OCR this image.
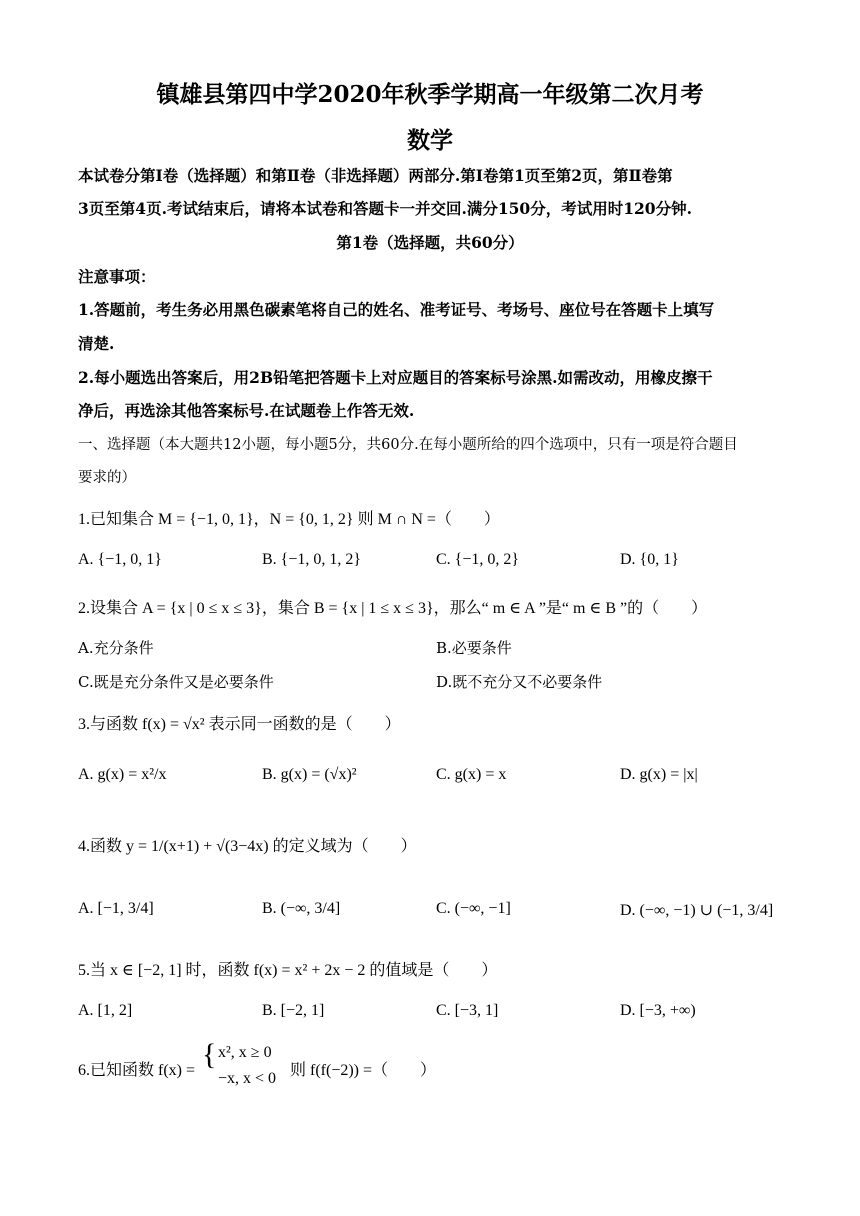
镇雄县第四中学2020年秋季学期高一年级第二次月考
数学
本试卷分第Ⅰ卷（选择题）和第Ⅱ卷（非选择题）两部分.第Ⅰ卷第1页至第2页，第Ⅱ卷第
3页至第4页.考试结束后，请将本试卷和答题卡一并交回.满分150分，考试用时120分钟.
第1卷（选择题，共60分）
注意事项：
1.答题前，考生务必用黑色碳素笔将自己的姓名、准考证号、考场号、座位号在答题卡上填写
清楚.
2.每小题选出答案后，用2B铅笔把答题卡上对应题目的答案标号涂黑.如需改动，用橡皮擦干
净后，再选涂其他答案标号.在试题卷上作答无效.
一、选择题（本大题共12小题，每小题5分，共60分.在每小题所给的四个选项中，只有一项是符合题目
要求的）
1.已知集合 M = {−1, 0, 1}，N = {0, 1, 2} 则 M ∩ N =（　　）
A. {−1, 0, 1}	B. {−1, 0, 1, 2}	C. {−1, 0, 2}	D. {0, 1}
2.设集合 A = {x | 0 ≤ x ≤ 3}，集合 B = {x | 1 ≤ x ≤ 3}，那么“ m ∈ A ”是“ m ∈ B ”的（　　）
A.充分条件	B.必要条件
C.既是充分条件又是必要条件	D.既不充分又不必要条件
3.与函数 f(x) = √x² 表示同一函数的是（　　）
A. g(x) = x²/x	B. g(x) = (√x)²	C. g(x) = x	D. g(x) = |x|
4.函数 y = 1/(x+1) + √(3−4x) 的定义域为（　　）
A. [−1, 3/4]	B. (−∞, 3/4]	C. (−∞, −1]	D. (−∞, −1) ∪ (−1, 3/4]
5.当 x ∈ [−2, 1] 时，函数 f(x) = x² + 2x − 2 的值域是（　　）
A. [1, 2]	B. [−2, 1]	C. [−3, 1]	D. [−3, +∞)
6.已知函数 f(x) = { x², x ≥ 0
−x, x < 0 则 f(f(−2)) =（　　）
